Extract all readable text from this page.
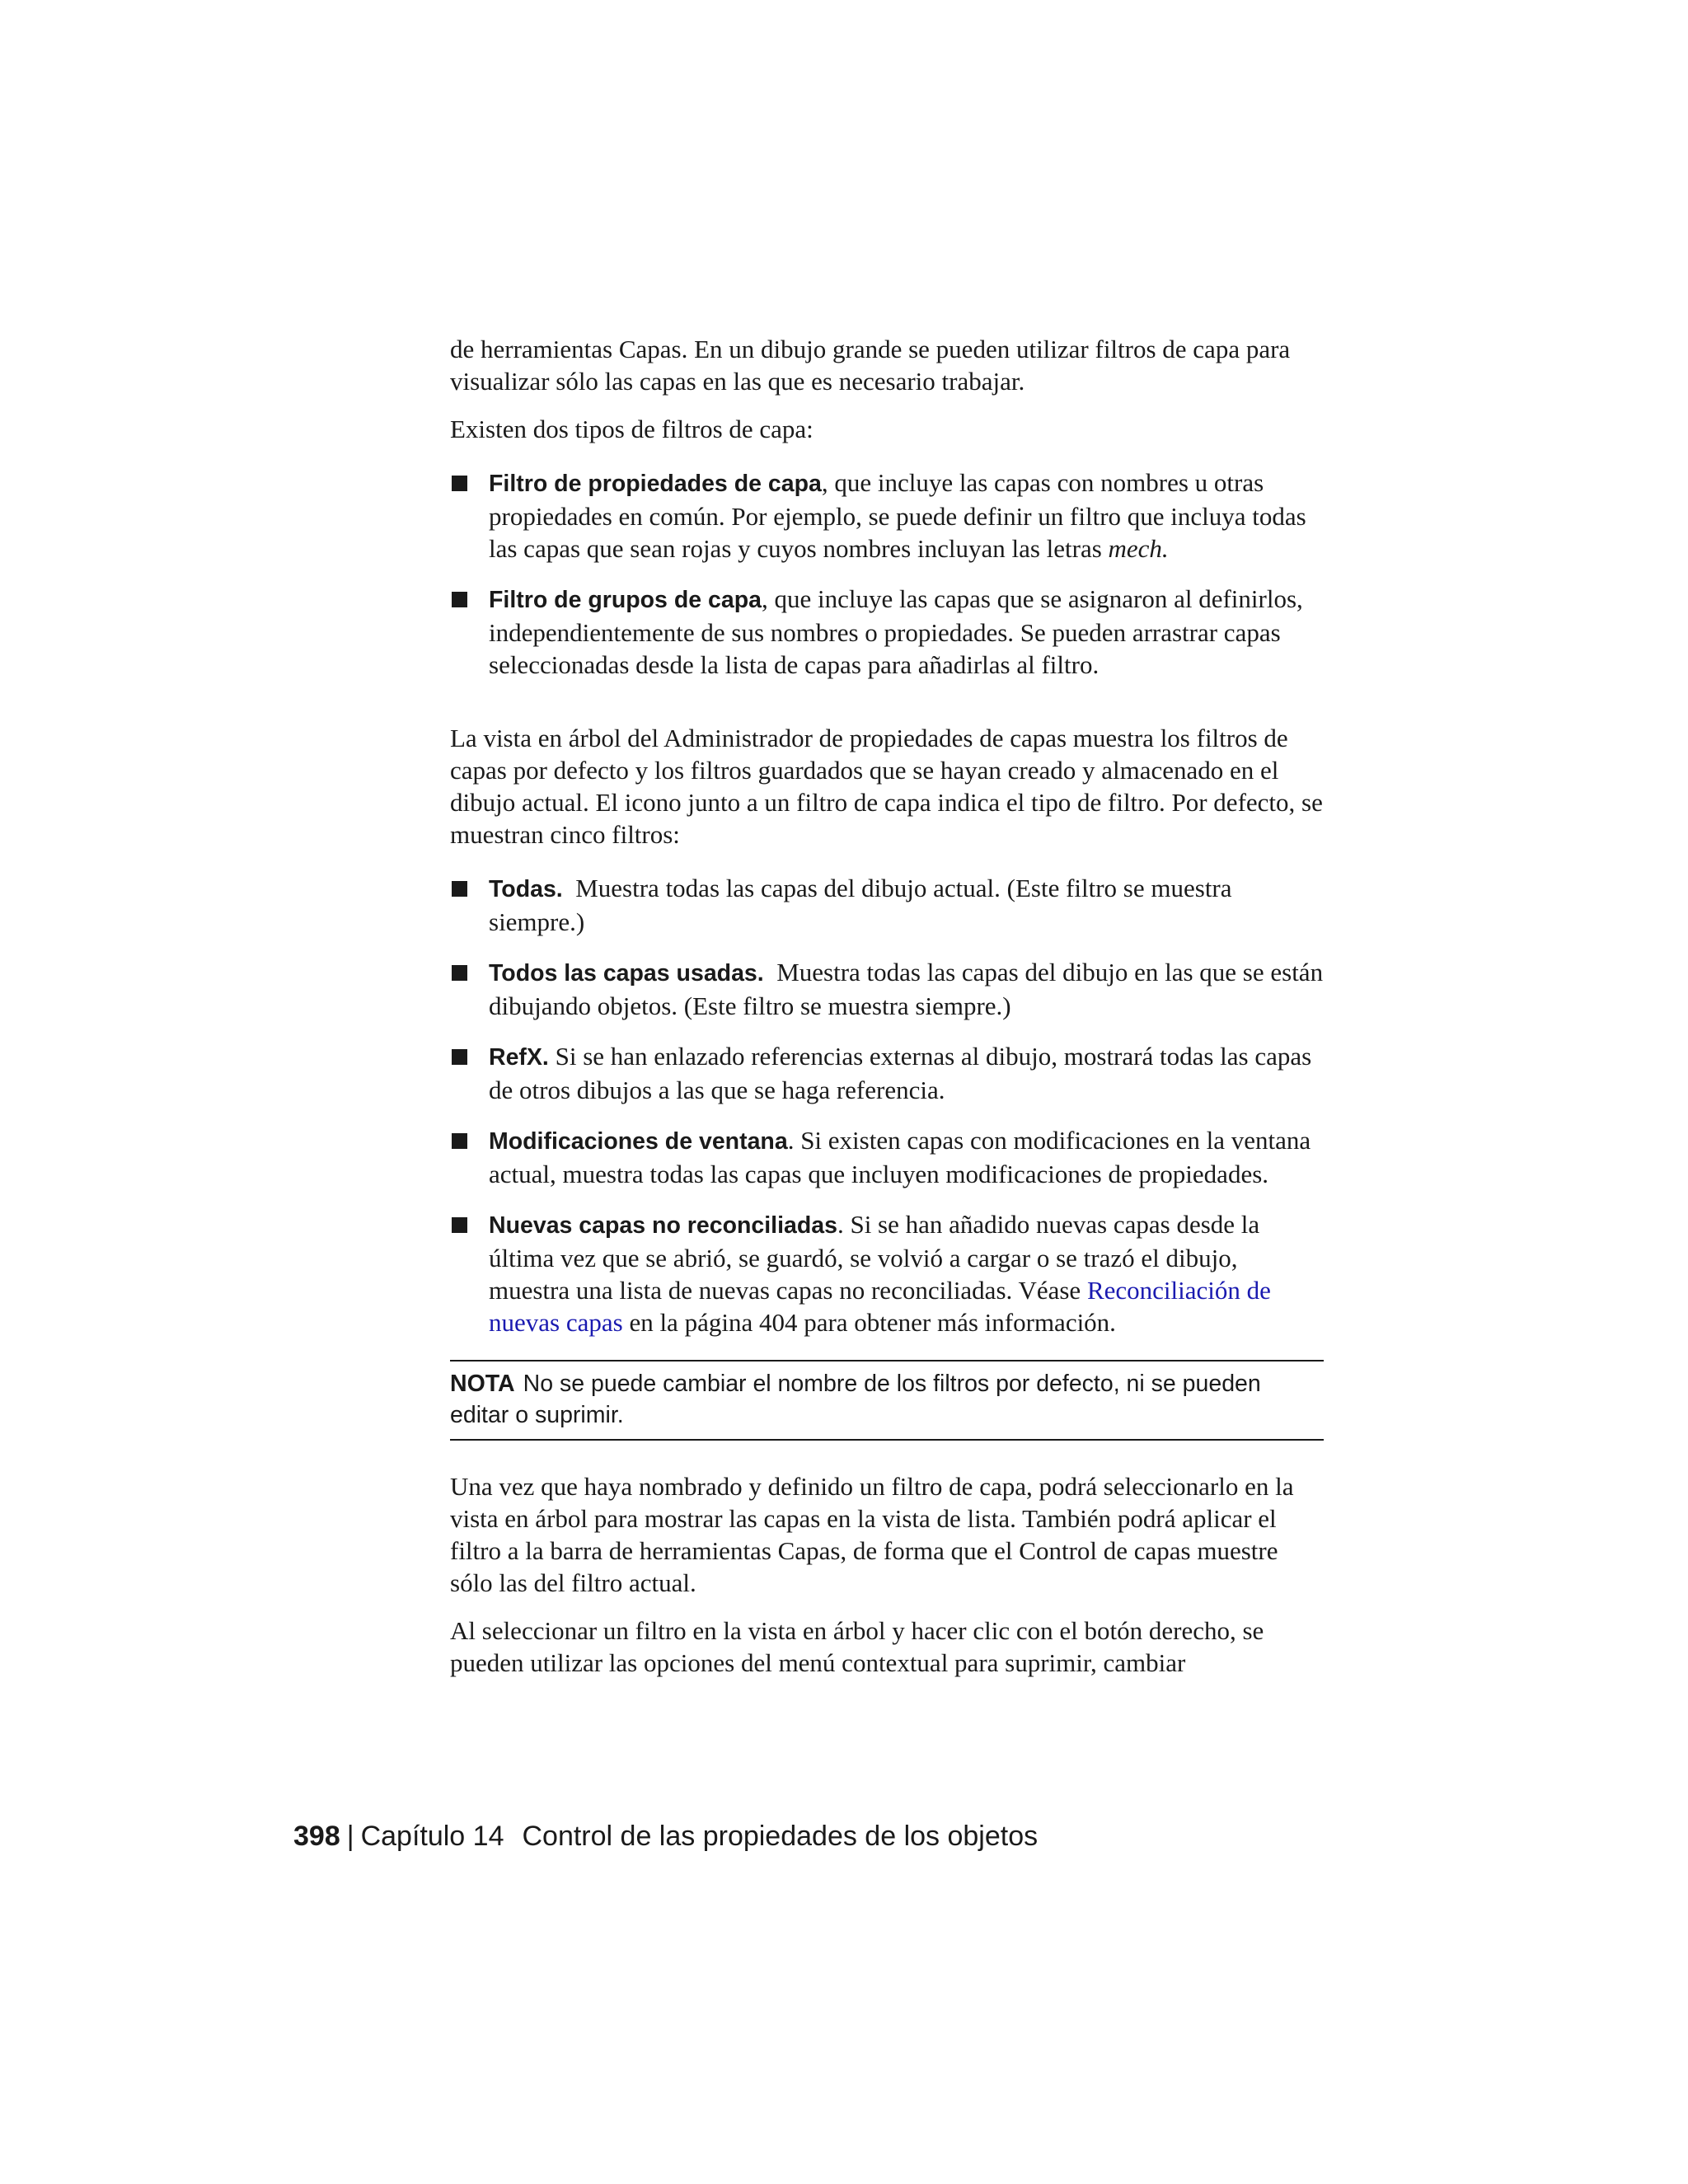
de herramientas Capas. En un dibujo grande se pueden utilizar filtros de capa para visualizar sólo las capas en las que es necesario trabajar.

Existen dos tipos de filtros de capa:

Filtro de propiedades de capa, que incluye las capas con nombres u otras propiedades en común. Por ejemplo, se puede definir un filtro que incluya todas las capas que sean rojas y cuyos nombres incluyan las letras mech.
Filtro de grupos de capa, que incluye las capas que se asignaron al definirlos, independientemente de sus nombres o propiedades. Se pueden arrastrar capas seleccionadas desde la lista de capas para añadirlas al filtro.

La vista en árbol del Administrador de propiedades de capas muestra los filtros de capas por defecto y los filtros guardados que se hayan creado y almacenado en el dibujo actual. El icono junto a un filtro de capa indica el tipo de filtro. Por defecto, se muestran cinco filtros:

Todas.  Muestra todas las capas del dibujo actual. (Este filtro se muestra siempre.)
Todos las capas usadas.  Muestra todas las capas del dibujo en las que se están dibujando objetos. (Este filtro se muestra siempre.)
RefX. Si se han enlazado referencias externas al dibujo, mostrará todas las capas de otros dibujos a las que se haga referencia.
Modificaciones de ventana. Si existen capas con modificaciones en la ventana actual, muestra todas las capas que incluyen modificaciones de propiedades.
Nuevas capas no reconciliadas. Si se han añadido nuevas capas desde la última vez que se abrió, se guardó, se volvió a cargar o se trazó el dibujo, muestra una lista de nuevas capas no reconciliadas. Véase Reconciliación de nuevas capas en la página 404 para obtener más información.
NOTA No se puede cambiar el nombre de los filtros por defecto, ni se pueden editar o suprimir.

Una vez que haya nombrado y definido un filtro de capa, podrá seleccionarlo en la vista en árbol para mostrar las capas en la vista de lista. También podrá aplicar el filtro a la barra de herramientas Capas, de forma que el Control de capas muestre sólo las del filtro actual.

Al seleccionar un filtro en la vista en árbol y hacer clic con el botón derecho, se pueden utilizar las opciones del menú contextual para suprimir, cambiar

398 | Capítulo 14 Control de las propiedades de los objetos
